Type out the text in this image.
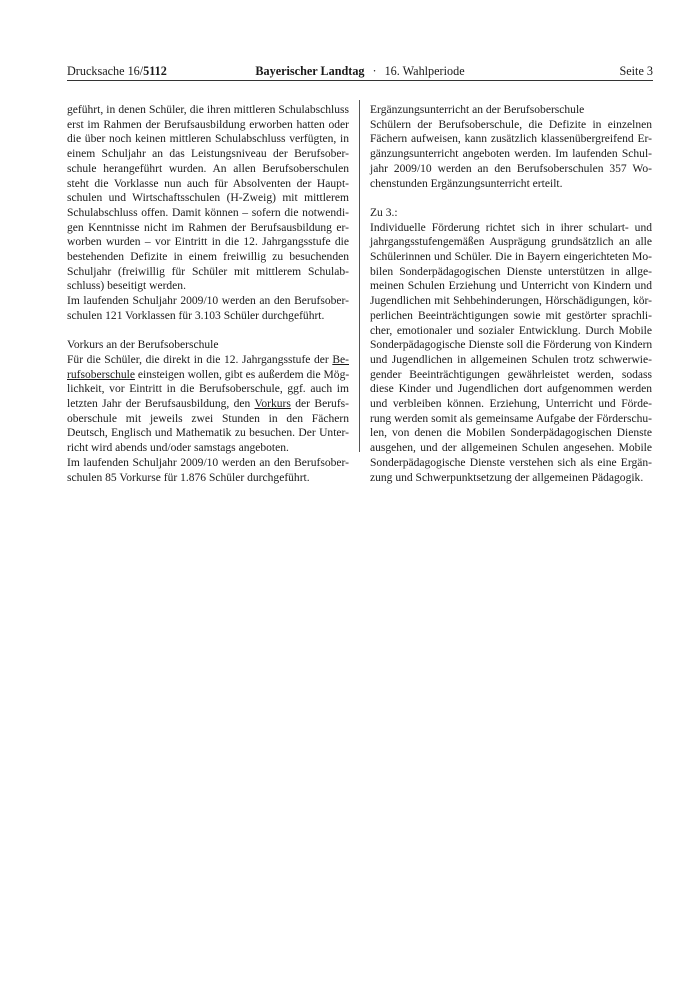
Drucksache 16/5112	Bayerischer Landtag · 16. Wahlperiode	Seite 3
geführt, in denen Schüler, die ihren mittleren Schulabschluss
erst im Rahmen der Berufsausbildung erworben hatten oder
die über noch keinen mittleren Schulabschluss verfügten, in
einem Schuljahr an das Leistungsniveau der Berufsober-
schule herangeführt wurden. An allen Berufsoberschulen
steht die Vorklasse nun auch für Absolventen der Haupt-
schulen und Wirtschaftsschulen (H-Zweig) mit mittlerem
Schulabschluss offen. Damit können – sofern die notwendi-
gen Kenntnisse nicht im Rahmen der Berufsausbildung er-
worben wurden – vor Eintritt in die 12. Jahrgangsstufe die
bestehenden Defizite in einem freiwillig zu besuchenden
Schuljahr (freiwillig für Schüler mit mittlerem Schulab-
schluss) beseitigt werden.
Im laufenden Schuljahr 2009/10 werden an den Berufsober-
schulen 121 Vorklassen für 3.103 Schüler durchgeführt.
Vorkurs an der Berufsoberschule
Für die Schüler, die direkt in die 12. Jahrgangsstufe der Be-
rufsoberschule einsteigen wollen, gibt es außerdem die Mög-
lichkeit, vor Eintritt in die Berufsoberschule, ggf. auch im
letzten Jahr der Berufsausbildung, den Vorkurs der Berufs-
oberschule mit jeweils zwei Stunden in den Fächern
Deutsch, Englisch und Mathematik zu besuchen. Der Unter-
richt wird abends und/oder samstags angeboten.
Im laufenden Schuljahr 2009/10 werden an den Berufsober-
schulen 85 Vorkurse für 1.876 Schüler durchgeführt.
Ergänzungsunterricht an der Berufsoberschule
Schülern der Berufsoberschule, die Defizite in einzelnen
Fächern aufweisen, kann zusätzlich klassenübergreifend Er-
gänzungsunterricht angeboten werden. Im laufenden Schul-
jahr 2009/10 werden an den Berufsoberschulen 357 Wo-
chenstunden Ergänzungsunterricht erteilt.
Zu 3.:
Individuelle Förderung richtet sich in ihrer schulart- und
jahrgangsstufengemäßen Ausprägung grundsätzlich an alle
Schülerinnen und Schüler. Die in Bayern eingerichteten Mo-
bilen Sonderpädagogischen Dienste unterstützen in allge-
meinen Schulen Erziehung und Unterricht von Kindern und
Jugendlichen mit Sehbehinderungen, Hörschädigungen, kör-
perlichen Beeinträchtigungen sowie mit gestörter sprachli-
cher, emotionaler und sozialer Entwicklung. Durch Mobile
Sonderpädagogische Dienste soll die Förderung von Kindern
und Jugendlichen in allgemeinen Schulen trotz schwerwie-
gender Beeinträchtigungen gewährleistet werden, sodass
diese Kinder und Jugendlichen dort aufgenommen werden
und verbleiben können. Erziehung, Unterricht und Förde-
rung werden somit als gemeinsame Aufgabe der Förderschu-
len, von denen die Mobilen Sonderpädagogischen Dienste
ausgehen, und der allgemeinen Schulen angesehen. Mobile
Sonderpädagogische Dienste verstehen sich als eine Ergän-
zung und Schwerpunktsetzung der allgemeinen Pädagogik.
